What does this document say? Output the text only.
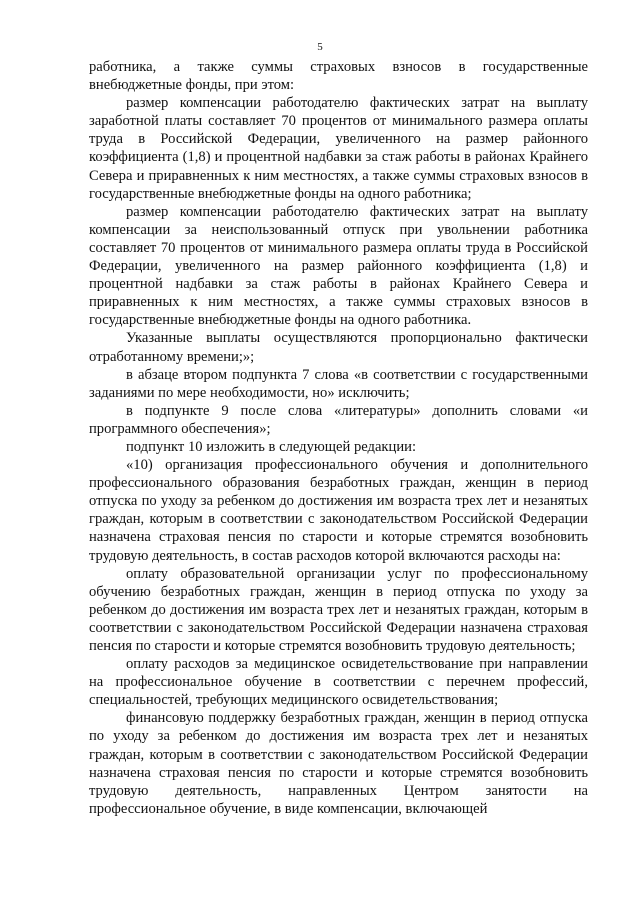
5

работника, а также суммы страховых взносов в государственные внебюджетные фонды, при этом:

размер компенсации работодателю фактических затрат на выплату заработной платы составляет 70 процентов от минимального размера оплаты труда в Российской Федерации, увеличенного на размер районного коэффициента (1,8) и процентной надбавки за стаж работы в районах Крайнего Севера и приравненных к ним местностях, а также суммы страховых взносов в государственные внебюджетные фонды на одного работника;

размер компенсации работодателю фактических затрат на выплату компенсации за неиспользованный отпуск при увольнении работника составляет 70 процентов от минимального размера оплаты труда в Российской Федерации, увеличенного на размер районного коэффициента (1,8) и процентной надбавки за стаж работы в районах Крайнего Севера и приравненных к ним местностях, а также суммы страховых взносов в государственные внебюджетные фонды на одного работника.

Указанные выплаты осуществляются пропорционально фактически отработанному времени;»;

в абзаце втором подпункта 7 слова «в соответствии с государственными заданиями по мере необходимости, но» исключить;

в подпункте 9 после слова «литературы» дополнить словами «и программного обеспечения»;

подпункт 10 изложить в следующей редакции:

«10) организация профессионального обучения и дополнительного профессионального образования безработных граждан, женщин в период отпуска по уходу за ребенком до достижения им возраста трех лет и незанятых граждан, которым в соответствии с законодательством Российской Федерации назначена страховая пенсия по старости и которые стремятся возобновить трудовую деятельность, в состав расходов которой включаются расходы на:

оплату образовательной организации услуг по профессиональному обучению безработных граждан, женщин в период отпуска по уходу за ребенком до достижения им возраста трех лет и незанятых граждан, которым в соответствии с законодательством Российской Федерации назначена страховая пенсия по старости и которые стремятся возобновить трудовую деятельность;

оплату расходов за медицинское освидетельствование при направлении на профессиональное обучение в соответствии с перечнем профессий, специальностей, требующих медицинского освидетельствования;

финансовую поддержку безработных граждан, женщин в период отпуска по уходу за ребенком до достижения им возраста трех лет и незанятых граждан, которым в соответствии с законодательством Российской Федерации назначена страховая пенсия по старости и которые стремятся возобновить трудовую деятельность, направленных Центром занятости на профессиональное обучение, в виде компенсации, включающей
